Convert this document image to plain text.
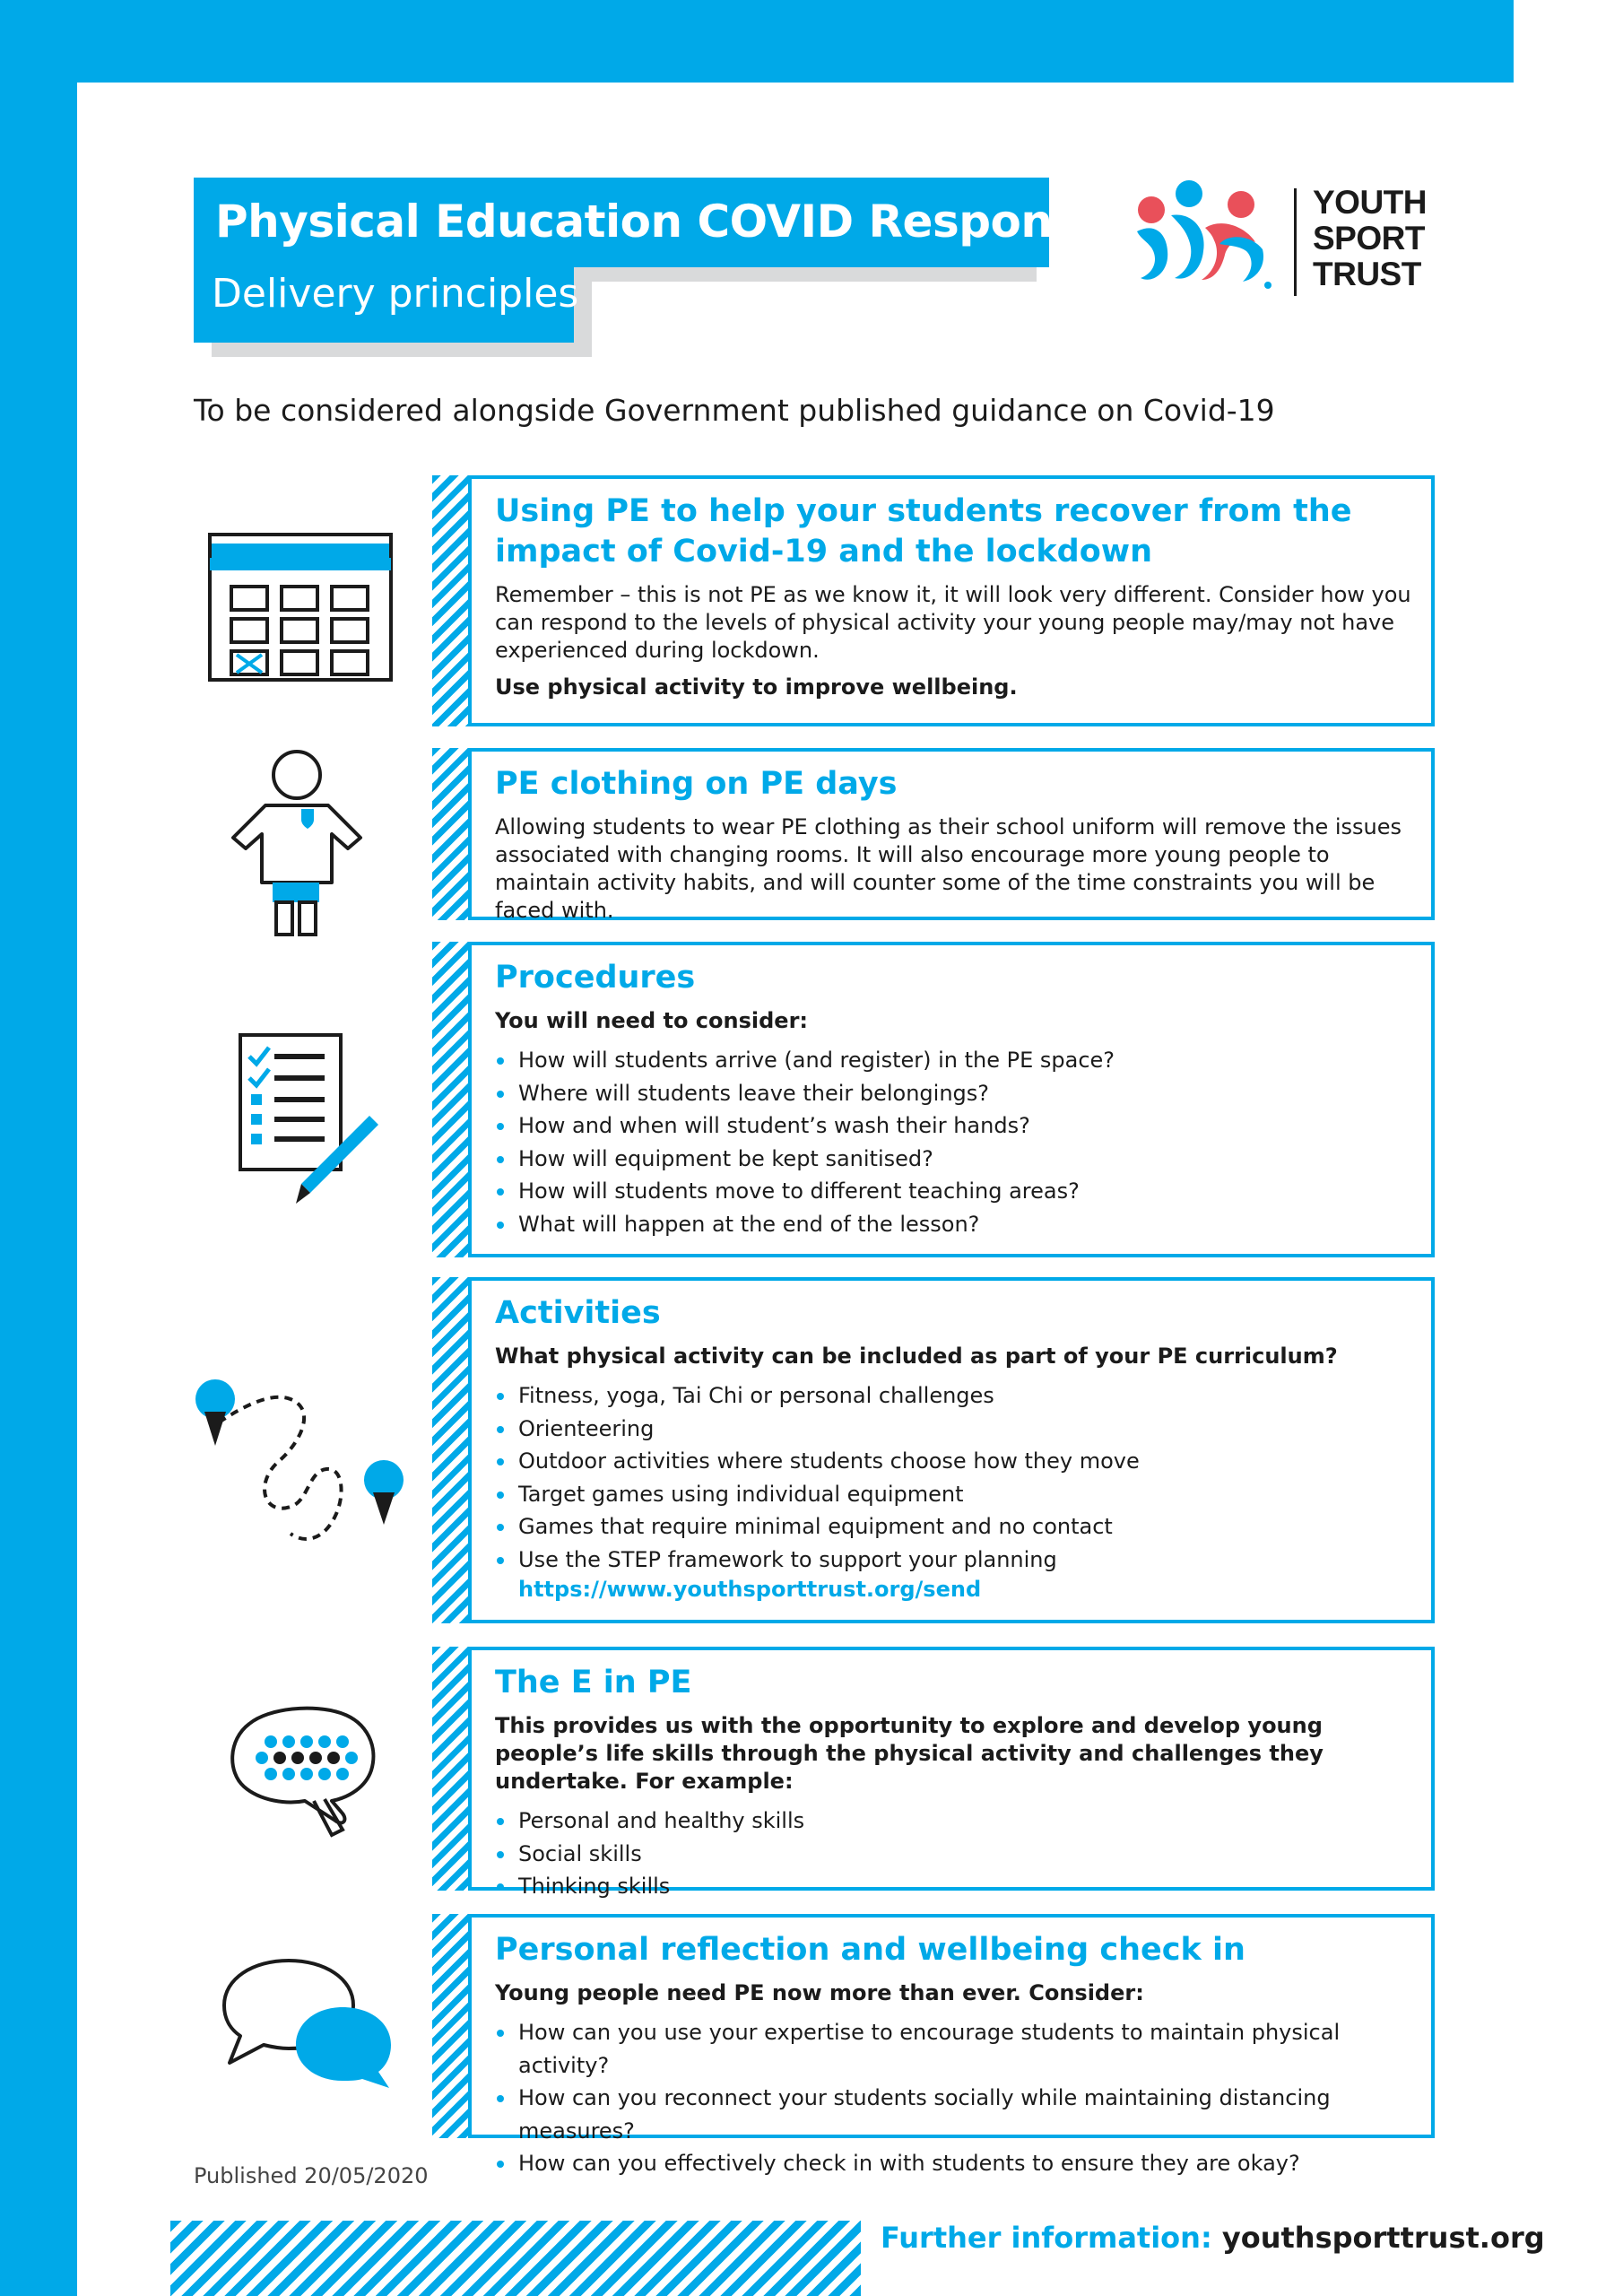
Physical Education COVID Response
Delivery principles
YOUTH
SPORT
TRUST
To be considered alongside Government published guidance on Covid-19
Using PE to help your students recover from the impact of Covid-19 and the lockdown
Remember – this is not PE as we know it, it will look very different. Consider how you can respond to the levels of physical activity your young people may/may not have experienced during lockdown.
Use physical activity to improve wellbeing.
PE clothing on PE days
Allowing students to wear PE clothing as their school uniform will remove the issues associated with changing rooms. It will also encourage more young people to maintain activity habits, and will counter some of the time constraints you will be faced with.
Procedures
You will need to consider:
How will students arrive (and register) in the PE space?
Where will students leave their belongings?
How and when will student’s wash their hands?
How will equipment be kept sanitised?
How will students move to different teaching areas?
What will happen at the end of the lesson?
Activities
What physical activity can be included as part of your PE curriculum?
Fitness, yoga, Tai Chi or personal challenges
Orienteering
Outdoor activities where students choose how they move
Target games using individual equipment
Games that require minimal equipment and no contact
Use the STEP framework to support your planning
https://www.youthsporttrust.org/send
The E in PE
This provides us with the opportunity to explore and develop young people’s life skills through the physical activity and challenges they undertake. For example:
Personal and healthy skills
Social skills
Thinking skills
Personal reflection and wellbeing check in
Young people need PE now more than ever. Consider:
How can you use your expertise to encourage students to maintain physical activity?
How can you reconnect your students socially while maintaining distancing measures?
How can you effectively check in with students to ensure they are okay?
Published 20/05/2020
Further information: youthsporttrust.org
